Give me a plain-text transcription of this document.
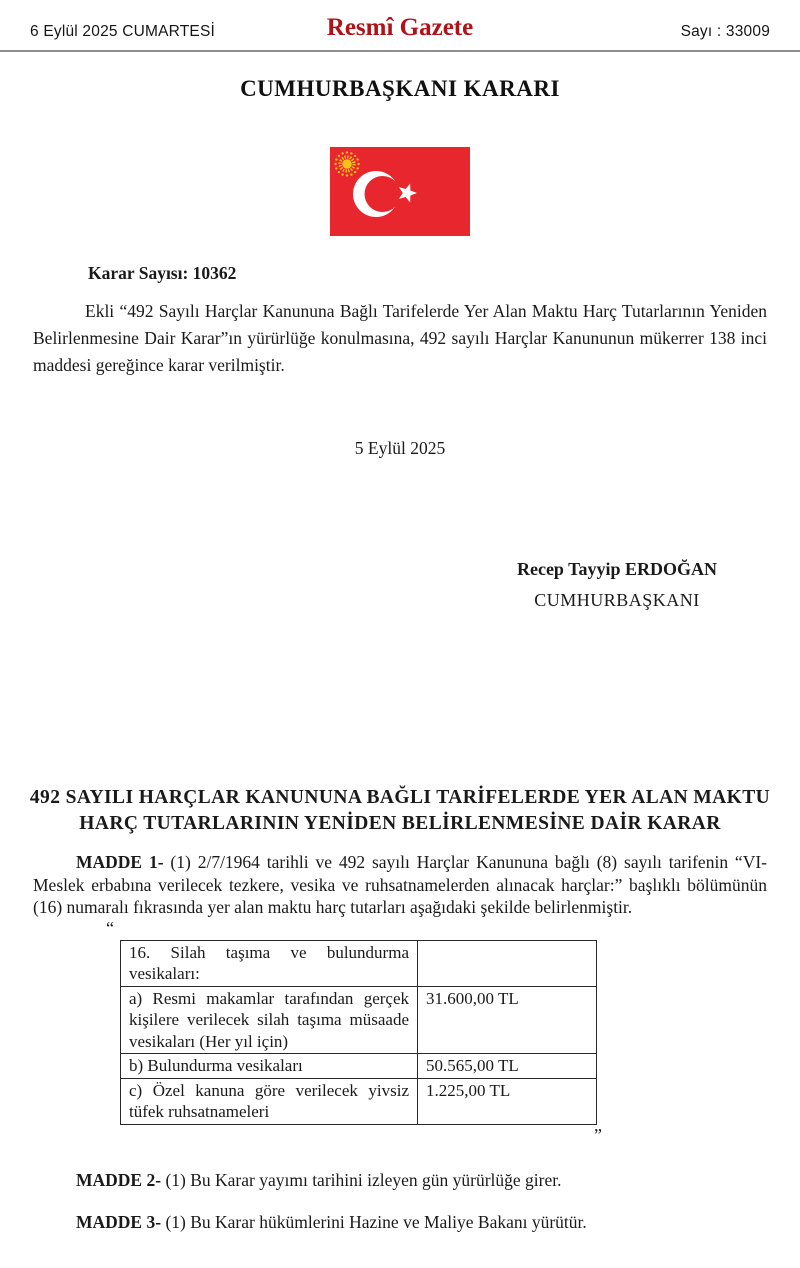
6 Eylül 2025 CUMARTESİ	Resmî Gazete	Sayı : 33009
CUMHURBAŞKANI KARARI
Karar Sayısı: 10362

Ekli “492 Sayılı Harçlar Kanununa Bağlı Tarifelerde Yer Alan Maktu Harç Tutarlarının Yeniden Belirlenmesine Dair Karar”ın yürürlüğe konulmasına, 492 sayılı Harçlar Kanununun mükerrer 138 inci maddesi gereğince karar verilmiştir.

5 Eylül 2025
Recep Tayyip ERDOĞAN
CUMHURBAŞKANI
492 SAYILI HARÇLAR KANUNUNA BAĞLI TARİFELERDE YER ALAN MAKTU
HARÇ TUTARLARININ YENİDEN BELİRLENMESİNE DAİR KARAR

MADDE 1- (1) 2/7/1964 tarihli ve 492 sayılı Harçlar Kanununa bağlı (8) sayılı tarifenin “VI- Meslek erbabına verilecek tezkere, vesika ve ruhsatnamelerden alınacak harçlar:” başlıklı bölümünün (16) numaralı fıkrasında yer alan maktu harç tutarları aşağıdaki şekilde belirlenmiştir.

“
16. Silah taşıma ve bulundurma vesikaları:	
a) Resmi makamlar tarafından gerçek kişilere verilecek silah taşıma müsaade vesikaları (Her yıl için)	31.600,00 TL
b) Bulundurma vesikaları	50.565,00 TL
c) Özel kanuna göre verilecek yivsiz tüfek ruhsatnameleri	1.225,00 TL
”

MADDE 2- (1) Bu Karar yayımı tarihini izleyen gün yürürlüğe girer.

MADDE 3- (1) Bu Karar hükümlerini Hazine ve Maliye Bakanı yürütür.
